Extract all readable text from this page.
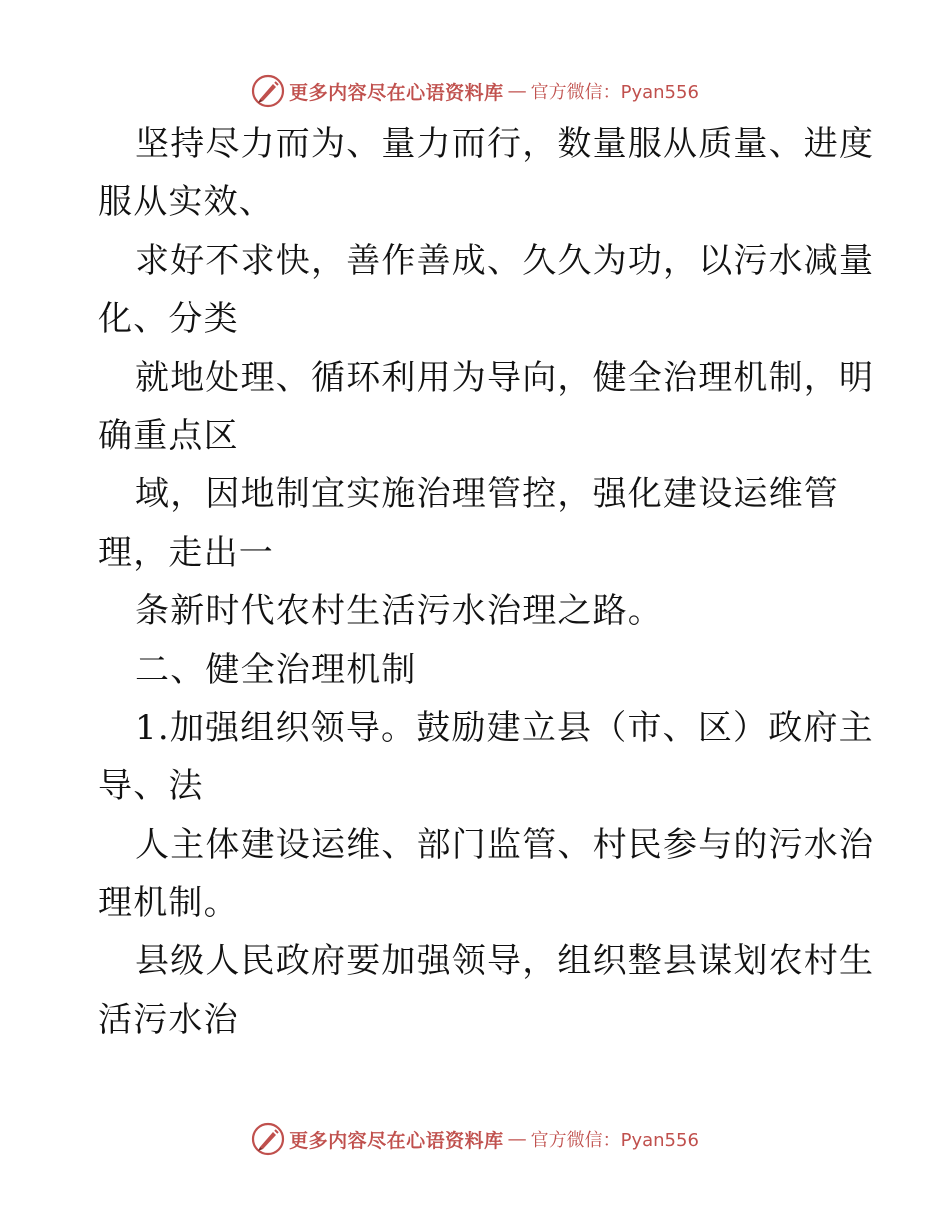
更多内容尽在心语资料库 — 官方微信：Pyan556
坚持尽力而为、量力而行，数量服从质量、进度
服从实效、
求好不求快，善作善成、久久为功，以污水减量
化、分类
就地处理、循环利用为导向，健全治理机制，明
确重点区
域，因地制宜实施治理管控，强化建设运维管
理，走出一
条新时代农村生活污水治理之路。
二、健全治理机制
1.加强组织领导。鼓励建立县（市、区）政府主
导、法
人主体建设运维、部门监管、村民参与的污水治
理机制。
县级人民政府要加强领导，组织整县谋划农村生
活污水治
更多内容尽在心语资料库 — 官方微信：Pyan556
